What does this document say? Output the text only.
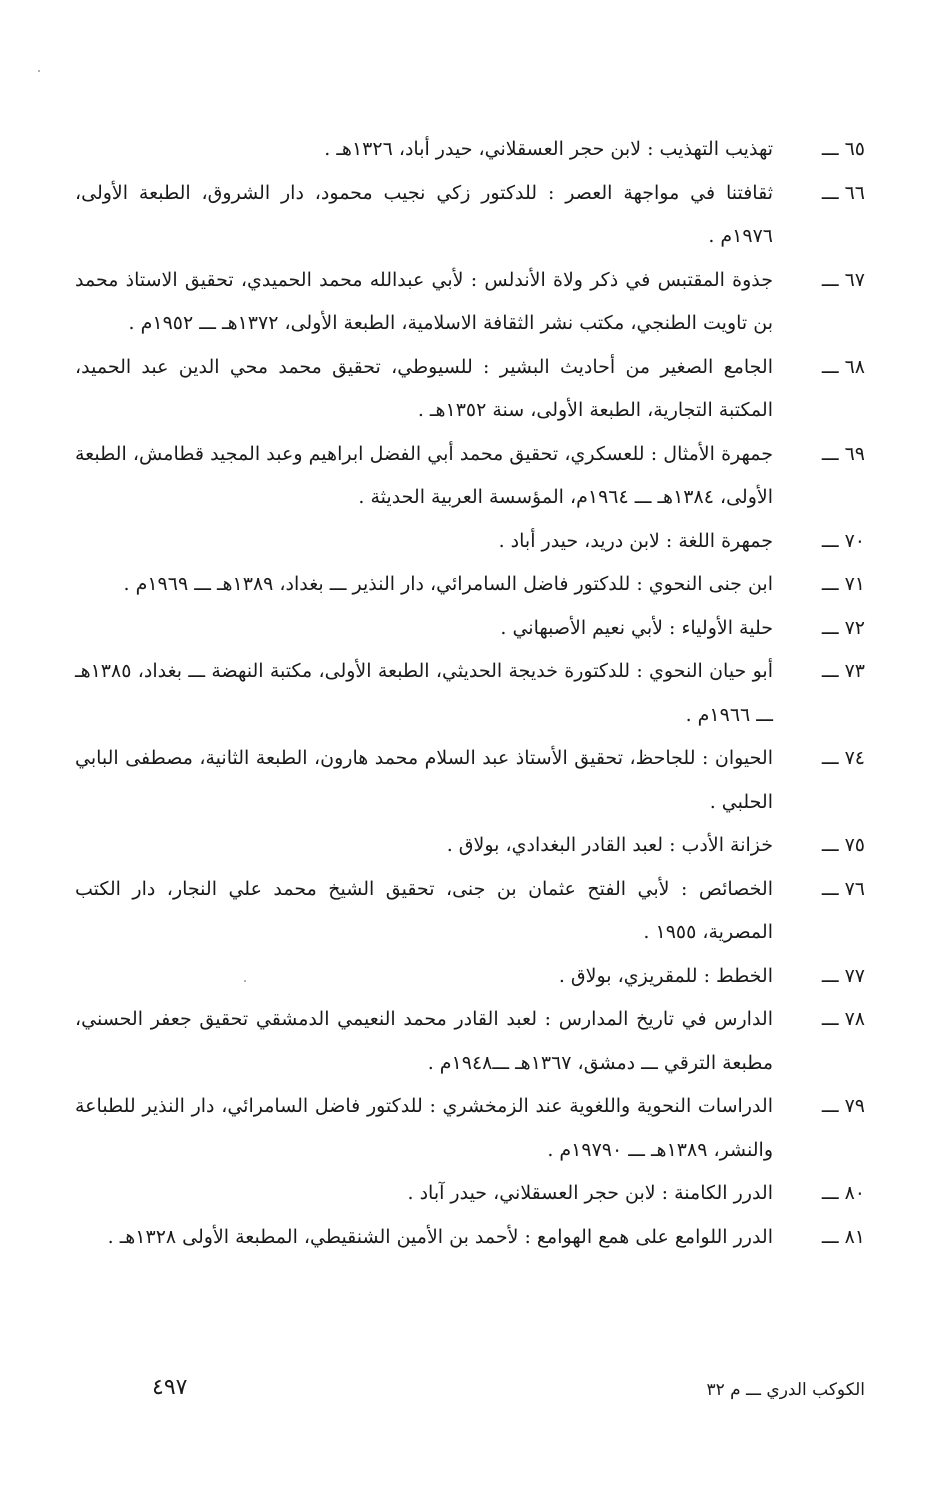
٦٥ ـــ
تهذيب التهذيب : لابن حجر العسقلاني، حيدر أباد، ١٣٢٦هـ .
٦٦ ـــ
ثقافتنا في مواجهة العصر : للدكتور زكي نجيب محمود، دار الشروق، الطبعة الأولى، ١٩٧٦م .
٦٧ ـــ
جذوة المقتبس في ذكر ولاة الأندلس : لأبي عبدالله محمد الحميدي، تحقيق الاستاذ محمد بن تاويت الطنجي، مكتب نشر الثقافة الاسلامية، الطبعة الأولى، ١٣٧٢هـ ـــ ١٩٥٢م .
٦٨ ـــ
الجامع الصغير من أحاديث البشير : للسيوطي، تحقيق محمد محي الدين عبد الحميد، المكتبة التجارية، الطبعة الأولى، سنة ١٣٥٢هـ .
٦٩ ـــ
جمهرة الأمثال : للعسكري، تحقيق محمد أبي الفضل ابراهيم وعبد المجيد قطامش، الطبعة الأولى، ١٣٨٤هـ ـــ ١٩٦٤م، المؤسسة العربية الحديثة .
٧٠ ـــ
جمهرة اللغة : لابن دريد، حيدر أباد .
٧١ ـــ
ابن جنى النحوي : للدكتور فاضل السامرائي، دار النذير ـــ بغداد، ١٣٨٩هـ ـــ ١٩٦٩م .
٧٢ ـــ
حلية الأولياء : لأبي نعيم الأصبهاني .
٧٣ ـــ
أبو حيان النحوي : للدكتورة خديجة الحديثي، الطبعة الأولى، مكتبة النهضة ـــ بغداد، ١٣٨٥هـ ـــ ١٩٦٦م .
٧٤ ـــ
الحيوان : للجاحظ، تحقيق الأستاذ عبد السلام محمد هارون، الطبعة الثانية، مصطفى البابي الحلبي .
٧٥ ـــ
خزانة الأدب : لعبد القادر البغدادي، بولاق .
٧٦ ـــ
الخصائص : لأبي الفتح عثمان بن جنى، تحقيق الشيخ محمد علي النجار، دار الكتب المصرية، ١٩٥٥ .
٧٧ ـــ
الخطط : للمقريزي، بولاق .
٧٨ ـــ
الدارس في تاريخ المدارس : لعبد القادر محمد النعيمي الدمشقي تحقيق جعفر الحسني، مطبعة الترقي ـــ دمشق، ١٣٦٧هـ ـــ١٩٤٨م .
٧٩ ـــ
الدراسات النحوية واللغوية عند الزمخشري : للدكتور فاضل السامرائي، دار النذير للطباعة والنشر، ١٣٨٩هـ ـــ ١٩٧٩٠م .
٨٠ ـــ
الدرر الكامنة : لابن حجر العسقلاني، حيدر آباد .
٨١ ـــ
الدرر اللوامع على همع الهوامع : لأحمد بن الأمين الشنقيطي، المطبعة الأولى ١٣٢٨هـ .
٤٩٧	الكوكب الدري ـــ م ٣٢
